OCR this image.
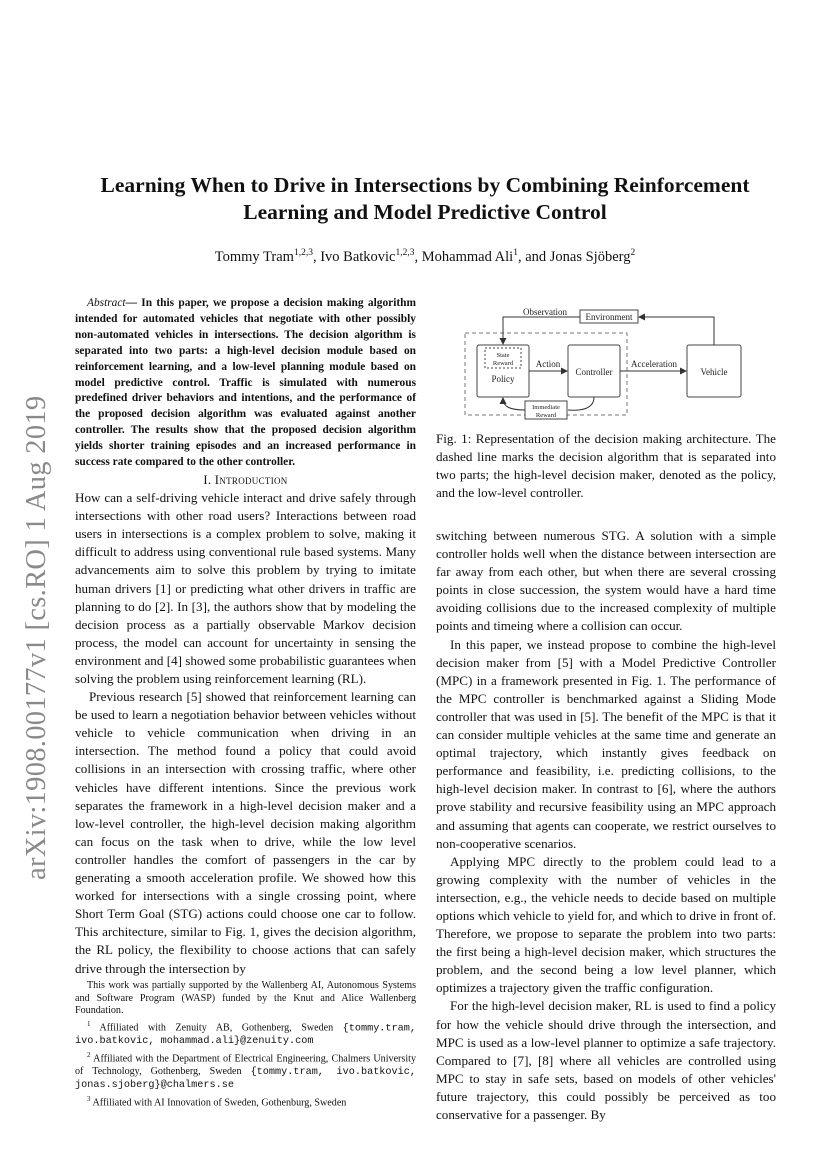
arXiv:1908.00177v1 [cs.RO] 1 Aug 2019
Learning When to Drive in Intersections by Combining Reinforcement
Learning and Model Predictive Control
Tommy Tram$^{1,2,3}$, Ivo Batkovic$^{1,2,3}$, Mohammad Ali$^1$, and Jonas Sjöberg$^2$

Abstract— In this paper, we propose a decision making algorithm intended for automated vehicles that negotiate with other possibly non-automated vehicles in intersections. The decision algorithm is separated into two parts: a high-level decision module based on reinforcement learning, and a low-level planning module based on model predictive control. Traffic is simulated with numerous predefined driver behaviors and intentions, and the performance of the proposed decision algorithm was evaluated against another controller. The results show that the proposed decision algorithm yields shorter training episodes and an increased performance in success rate compared to the other controller.

I. Introduction

How can a self-driving vehicle interact and drive safely through intersections with other road users? Interactions between road users in intersections is a complex problem to solve, making it difficult to address using conventional rule based systems. Many advancements aim to solve this problem by trying to imitate human drivers [1] or predicting what other drivers in traffic are planning to do [2]. In [3], the authors show that by modeling the decision process as a partially observable Markov decision process, the model can account for uncertainty in sensing the environment and [4] showed some probabilistic guarantees when solving the problem using reinforcement learning (RL).

Previous research [5] showed that reinforcement learning can be used to learn a negotiation behavior between vehicles without vehicle to vehicle communication when driving in an intersection. The method found a policy that could avoid collisions in an intersection with crossing traffic, where other vehicles have different intentions. Since the previous work separates the framework in a high-level decision maker and a low-level controller, the high-level decision making algorithm can focus on the task when to drive, while the low level controller handles the comfort of passengers in the car by generating a smooth acceleration profile. We showed how this worked for intersections with a single crossing point, where Short Term Goal (STG) actions could choose one car to follow. This architecture, similar to Fig. 1, gives the decision algorithm, the RL policy, the flexibility to choose actions that can safely drive through the intersection by

This work was partially supported by the Wallenberg AI, Autonomous Systems and Software Program (WASP) funded by the Knut and Alice Wallenberg Foundation.

$^1$ Affiliated with Zenuity AB, Gothenberg, Sweden {tommy.tram, ivo.batkovic, mohammad.ali}@zenuity.com

$^2$ Affiliated with the Department of Electrical Engineering, Chalmers University of Technology, Gothenberg, Sweden {tommy.tram, ivo.batkovic, jonas.sjoberg}@chalmers.se

$^3$ Affiliated with AI Innovation of Sweden, Gothenburg, Sweden

Environment
Observation
State
Reward
Policy
Controller	Vehicle
Immediate
Reward
Action	Acceleration
Fig. 1: Representation of the decision making architecture. The dashed line marks the decision algorithm that is separated into two parts; the high-level decision maker, denoted as the policy, and the low-level controller.

switching between numerous STG. A solution with a simple controller holds well when the distance between intersection are far away from each other, but when there are several crossing points in close succession, the system would have a hard time avoiding collisions due to the increased complexity of multiple points and timeing where a collision can occur.

In this paper, we instead propose to combine the high-level decision maker from [5] with a Model Predictive Controller (MPC) in a framework presented in Fig. 1. The performance of the MPC controller is benchmarked against a Sliding Mode controller that was used in [5]. The benefit of the MPC is that it can consider multiple vehicles at the same time and generate an optimal trajectory, which instantly gives feedback on performance and feasibility, i.e. predicting collisions, to the high-level decision maker. In contrast to [6], where the authors prove stability and recursive feasibility using an MPC approach and assuming that agents can cooperate, we restrict ourselves to non-cooperative scenarios.

Applying MPC directly to the problem could lead to a growing complexity with the number of vehicles in the intersection, e.g., the vehicle needs to decide based on multiple options which vehicle to yield for, and which to drive in front of. Therefore, we propose to separate the problem into two parts: the first being a high-level decision maker, which structures the problem, and the second being a low level planner, which optimizes a trajectory given the traffic configuration.

For the high-level decision maker, RL is used to find a policy for how the vehicle should drive through the intersection, and MPC is used as a low-level planner to optimize a safe trajectory. Compared to [7], [8] where all vehicles are controlled using MPC to stay in safe sets, based on models of other vehicles' future trajectory, this could possibly be perceived as too conservative for a passenger. By
